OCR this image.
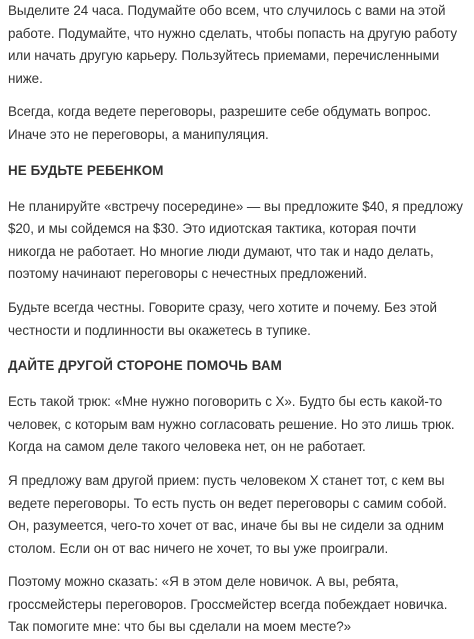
Выделите 24 часа. Подумайте обо всем, что случилось с вами на этой работе. Подумайте, что нужно сделать, чтобы попасть на другую работу или начать другую карьеру. Пользуйтесь приемами, перечисленными ниже.

Всегда, когда ведете переговоры, разрешите себе обдумать вопрос. Иначе это не переговоры, а манипуляция.

НЕ БУДЬТЕ РЕБЕНКОМ

Не планируйте «встречу посередине» — вы предложите $40, я предложу $20, и мы сойдемся на $30. Это идиотская тактика, которая почти никогда не работает. Но многие люди думают, что так и надо делать, поэтому начинают переговоры с нечестных предложений.

Будьте всегда честны. Говорите сразу, чего хотите и почему. Без этой честности и подлинности вы окажетесь в тупике.

ДАЙТЕ ДРУГОЙ СТОРОНЕ ПОМОЧЬ ВАМ

Есть такой трюк: «Мне нужно поговорить с Х». Будто бы есть какой-то человек, с которым вам нужно согласовать решение. Но это лишь трюк. Когда на самом деле такого человека нет, он не работает.

Я предложу вам другой прием: пусть человеком Х станет тот, с кем вы ведете переговоры. То есть пусть он ведет переговоры с самим собой. Он, разумеется, чего-то хочет от вас, иначе бы вы не сидели за одним столом. Если он от вас ничего не хочет, то вы уже проиграли.

Поэтому можно сказать: «Я в этом деле новичок. А вы, ребята, гроссмейстеры переговоров. Гроссмейстер всегда побеждает новичка. Так помогите мне: что бы вы сделали на моем месте?»
